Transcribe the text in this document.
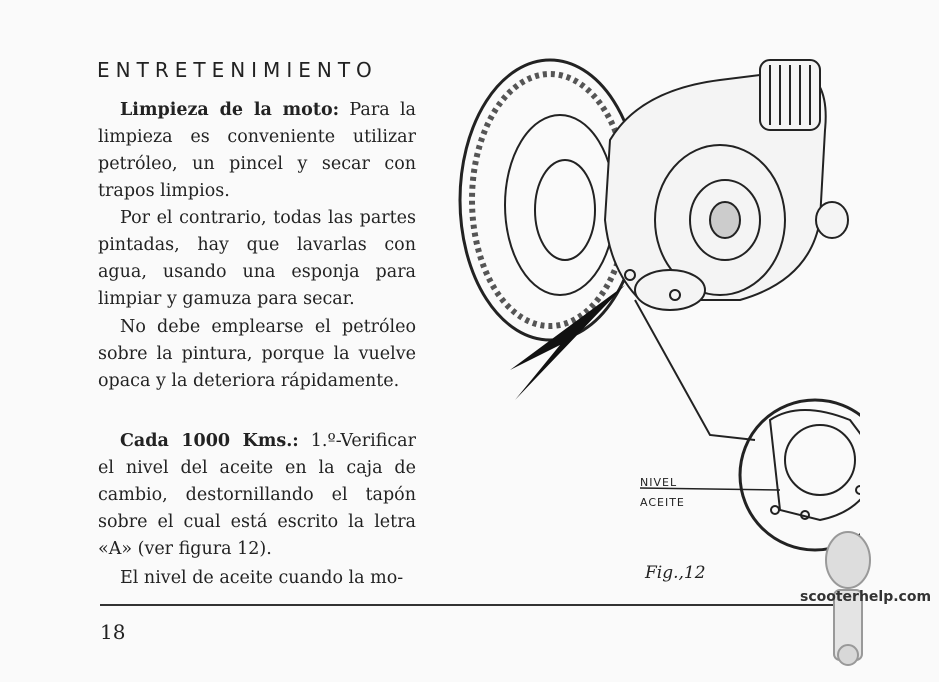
ENTRETENIMIENTO

Limpieza de la moto: Para la limpieza es conveniente utilizar petróleo, un pincel y secar con trapos limpios.

Por el contrario, todas las partes pintadas, hay que lavarlas con agua, usando una esponja para limpiar y gamuza para secar.

No debe emplearse el petróleo sobre la pintura, porque la vuelve opaca y la deteriora rápidamente.

Cada 1000 Kms.: 1.º-Verificar el nivel del aceite en la caja de cambio, destornillando el tapón sobre el cual está escrito la letra «A» (ver figura 12).

El nivel de aceite cuando la mo-

NIVEL
ACEITE
Fig.,12
18
scooterhelp.com
